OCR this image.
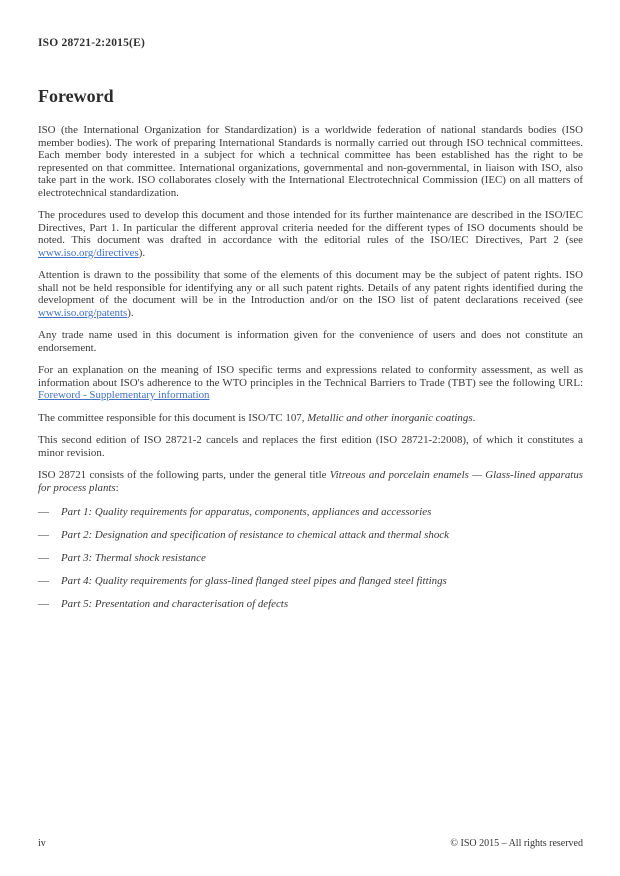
ISO 28721-2:2015(E)
Foreword

ISO (the International Organization for Standardization) is a worldwide federation of national standards bodies (ISO member bodies). The work of preparing International Standards is normally carried out through ISO technical committees. Each member body interested in a subject for which a technical committee has been established has the right to be represented on that committee. International organizations, governmental and non-governmental, in liaison with ISO, also take part in the work. ISO collaborates closely with the International Electrotechnical Commission (IEC) on all matters of electrotechnical standardization.

The procedures used to develop this document and those intended for its further maintenance are described in the ISO/IEC Directives, Part 1. In particular the different approval criteria needed for the different types of ISO documents should be noted. This document was drafted in accordance with the editorial rules of the ISO/IEC Directives, Part 2 (see www.iso.org/directives).

Attention is drawn to the possibility that some of the elements of this document may be the subject of patent rights. ISO shall not be held responsible for identifying any or all such patent rights. Details of any patent rights identified during the development of the document will be in the Introduction and/or on the ISO list of patent declarations received (see www.iso.org/patents).

Any trade name used in this document is information given for the convenience of users and does not constitute an endorsement.

For an explanation on the meaning of ISO specific terms and expressions related to conformity assessment, as well as information about ISO's adherence to the WTO principles in the Technical Barriers to Trade (TBT) see the following URL: Foreword - Supplementary information

The committee responsible for this document is ISO/TC 107, Metallic and other inorganic coatings.

This second edition of ISO 28721-2 cancels and replaces the first edition (ISO 28721-2:2008), of which it constitutes a minor revision.

ISO 28721 consists of the following parts, under the general title Vitreous and porcelain enamels — Glass-lined apparatus for process plants:

—	Part 1: Quality requirements for apparatus, components, appliances and accessories
—	Part 2: Designation and specification of resistance to chemical attack and thermal shock
—	Part 3: Thermal shock resistance
—	Part 4: Quality requirements for glass-lined flanged steel pipes and flanged steel fittings
—	Part 5: Presentation and characterisation of defects
iv	© ISO 2015 – All rights reserved
